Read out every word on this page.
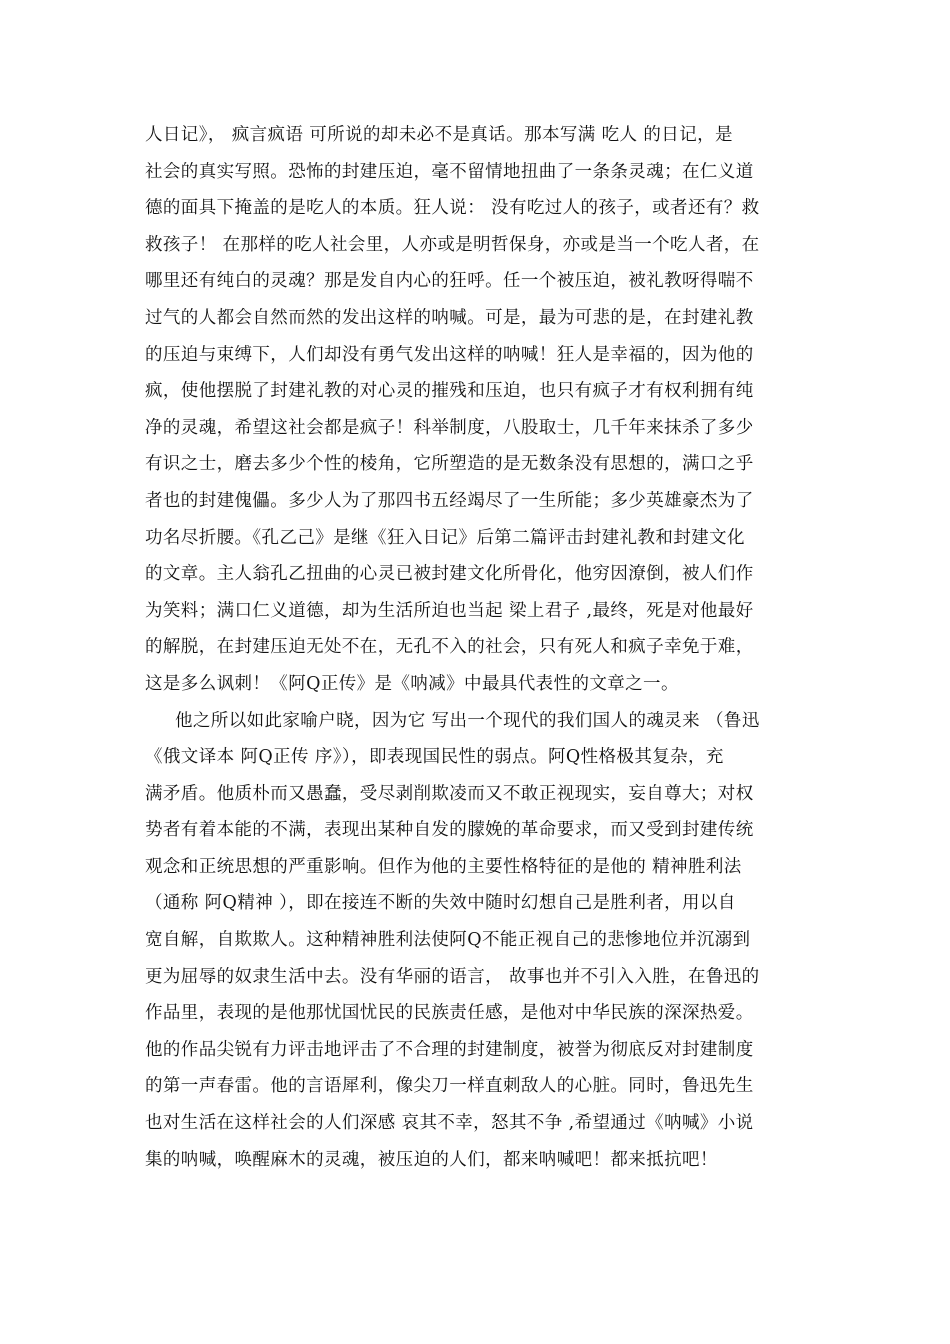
人日记》， 疯言疯语 可所说的却未必不是真话。那本写满 吃人 的日记，是
社会的真实写照。恐怖的封建压迫，毫不留情地扭曲了一条条灵魂；在仁义道
德的面具下掩盖的是吃人的本质。狂人说： 没有吃过人的孩子，或者还有？救
救孩子！ 在那样的吃人社会里，人亦或是明哲保身，亦或是当一个吃人者，在
哪里还有纯白的灵魂？那是发自内心的狂呼。任一个被压迫，被礼教呀得喘不
过气的人都会自然而然的发出这样的呐喊。可是，最为可悲的是，在封建礼教
的压迫与束缚下，人们却没有勇气发出这样的呐喊！狂人是幸福的，因为他的
疯，使他摆脱了封建礼教的对心灵的摧残和压迫，也只有疯子才有权利拥有纯
净的灵魂，希望这社会都是疯子！科举制度，八股取士，几千年来抹杀了多少
有识之士，磨去多少个性的棱角，它所塑造的是无数条没有思想的，满口之乎
者也的封建傀儡。多少人为了那四书五经竭尽了一生所能；多少英雄豪杰为了
功名尽折腰。《孔乙己》是继《狂入日记》后第二篇评击封建礼教和封建文化
的文章。主人翁孔乙扭曲的心灵已被封建文化所骨化，他穷因潦倒，被人们作
为笑料；满口仁义道德，却为生活所迫也当起 梁上君子 ,最终，死是对他最好
的解脱，在封建压迫无处不在，无孔不入的社会，只有死人和疯子幸免于难，
这是多么讽刺！《阿Q正传》是《呐减》中最具代表性的文章之一。
他之所以如此家喻户晓，因为它 写出一个现代的我们国人的魂灵来 （鲁迅
《俄文译本 阿Q正传 序》），即表现国民性的弱点。阿Q性格极其复杂，充
满矛盾。他质朴而又愚蠢，受尽剥削欺凌而又不敢正视现实，妄自尊大；对权
势者有着本能的不满，表现出某种自发的朦娩的革命要求，而又受到封建传统
观念和正统思想的严重影响。但作为他的主要性格特征的是他的 精神胜利法
（通称 阿Q精神 ），即在接连不断的失效中随时幻想自己是胜利者，用以自
宽自解，自欺欺人。这种精神胜利法使阿Q不能正视自己的悲惨地位并沉溺到
更为屈辱的奴隶生活中去。没有华丽的语言， 故事也并不引入入胜，在鲁迅的
作品里，表现的是他那忧国忧民的民族责任感，是他对中华民族的深深热爱。
他的作品尖锐有力评击地评击了不合理的封建制度，被誉为彻底反对封建制度
的第一声春雷。他的言语犀利，像尖刀一样直刺敌人的心脏。同时，鲁迅先生
也对生活在这样社会的人们深感 哀其不幸，怒其不争 ,希望通过《呐喊》小说
集的呐喊，唤醒麻木的灵魂，被压迫的人们，都来呐喊吧！都来抵抗吧！
